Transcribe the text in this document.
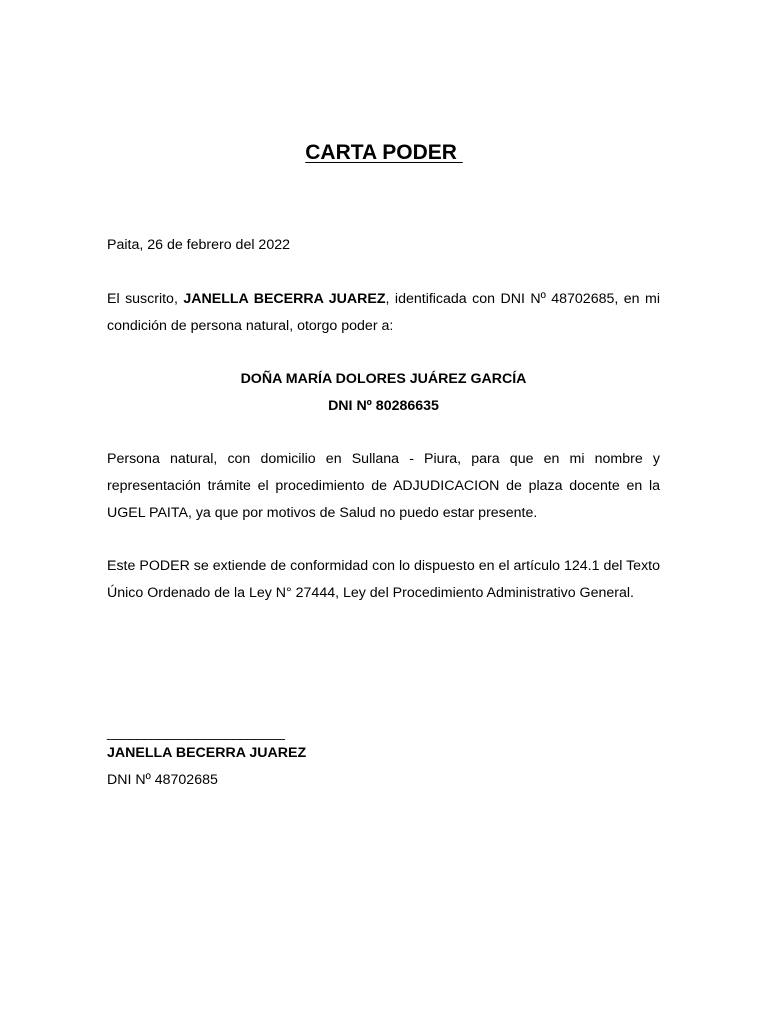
CARTA PODER
Paita, 26 de febrero del 2022
El suscrito, JANELLA BECERRA JUAREZ, identificada con DNI Nº 48702685, en mi condición de persona natural, otorgo poder a:
DOÑA MARÍA DOLORES JUÁREZ GARCÍA
DNI Nº 80286635
Persona natural, con domicilio en Sullana - Piura, para que en mi nombre y representación trámite el procedimiento de ADJUDICACION de plaza docente en la UGEL PAITA, ya que por motivos de Salud no puedo estar presente.
Este PODER se extiende de conformidad con lo dispuesto en el artículo 124.1 del Texto Único Ordenado de la Ley N° 27444, Ley del Procedimiento Administrativo General.
________________________
JANELLA BECERRA JUAREZ
DNI Nº 48702685
